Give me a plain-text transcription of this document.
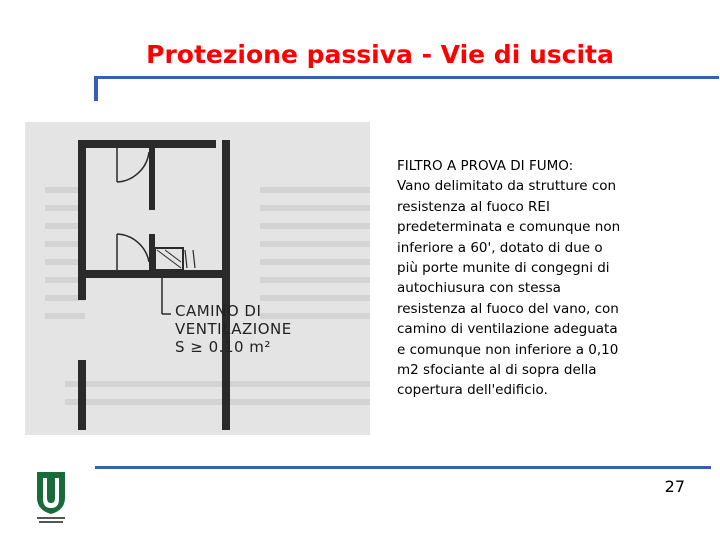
Protezione passiva - Vie di uscita
CAMINO DI
VENTILAZIONE
S ≥ 0.10 m²
FILTRO A PROVA DI FUMO:
Vano delimitato da strutture con
resistenza al fuoco REI
predeterminata e comunque non
inferiore a 60', dotato di due o
più porte munite di congegni di
autochiusura con stessa
resistenza al fuoco del vano, con
camino di ventilazione adeguata
e comunque non inferiore a 0,10
m2 sfociante al di sopra della
copertura dell'edificio.
27
